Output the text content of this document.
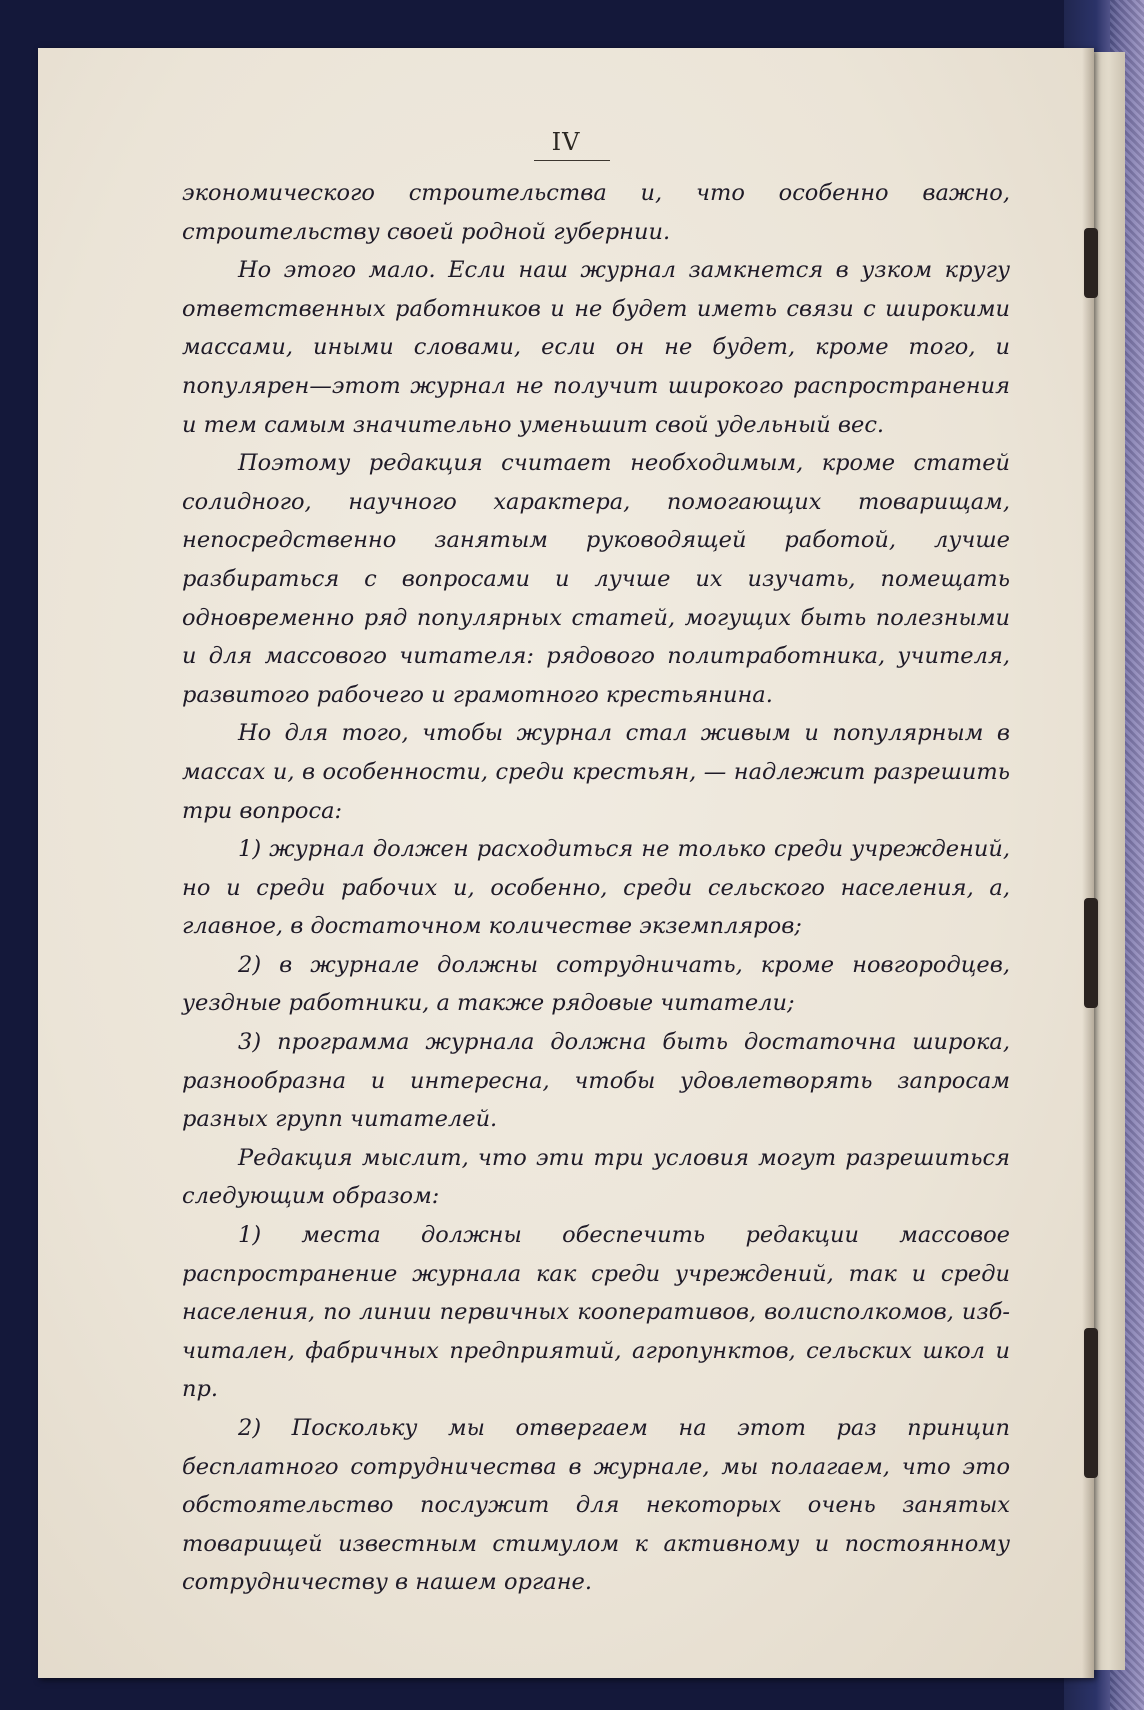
IV

экономического строительства и, что особенно важно, строительству своей родной губернии.

Но этого мало. Если наш журнал замкнется в узком кругу ответственных работников и не будет иметь связи с широкими массами, иными словами, если он не будет, кроме того, и популярен—этот журнал не получит широкого распространения и тем самым значительно уменьшит свой удельный вес.

Поэтому редакция считает необходимым, кроме статей солидного, научного характера, помогающих товарищам, непосредственно занятым руководящей работой, лучше разбираться с вопросами и лучше их изучать, помещать одновременно ряд популярных статей, могущих быть полезными и для массового читателя: рядового политработника, учителя, развитого рабочего и грамотного крестьянина.

Но для того, чтобы журнал стал живым и популярным в массах и, в особенности, среди крестьян, — надлежит разрешить три вопроса:

1) журнал должен расходиться не только среди учреждений, но и среди рабочих и, особенно, среди сельского населения, а, главное, в достаточном количестве экземпляров;

2) в журнале должны сотрудничать, кроме новгородцев, уездные работники, а также рядовые читатели;

3) программа журнала должна быть достаточна широка, разнообразна и интересна, чтобы удовлетворять запросам разных групп читателей.

Редакция мыслит, что эти три условия могут разрешиться следующим образом:

1) места должны обеспечить редакции массовое распространение журнала как среди учреждений, так и среди населения, по линии первичных кооперативов, волисполкомов, изб-читален, фабричных предприятий, агропунктов, сельских школ и пр.

2) Поскольку мы отвергаем на этот раз принцип бесплатного сотрудничества в журнале, мы полагаем, что это обстоятельство послужит для некоторых очень занятых товарищей известным стимулом к активному и постоянному сотрудничеству в нашем органе.
